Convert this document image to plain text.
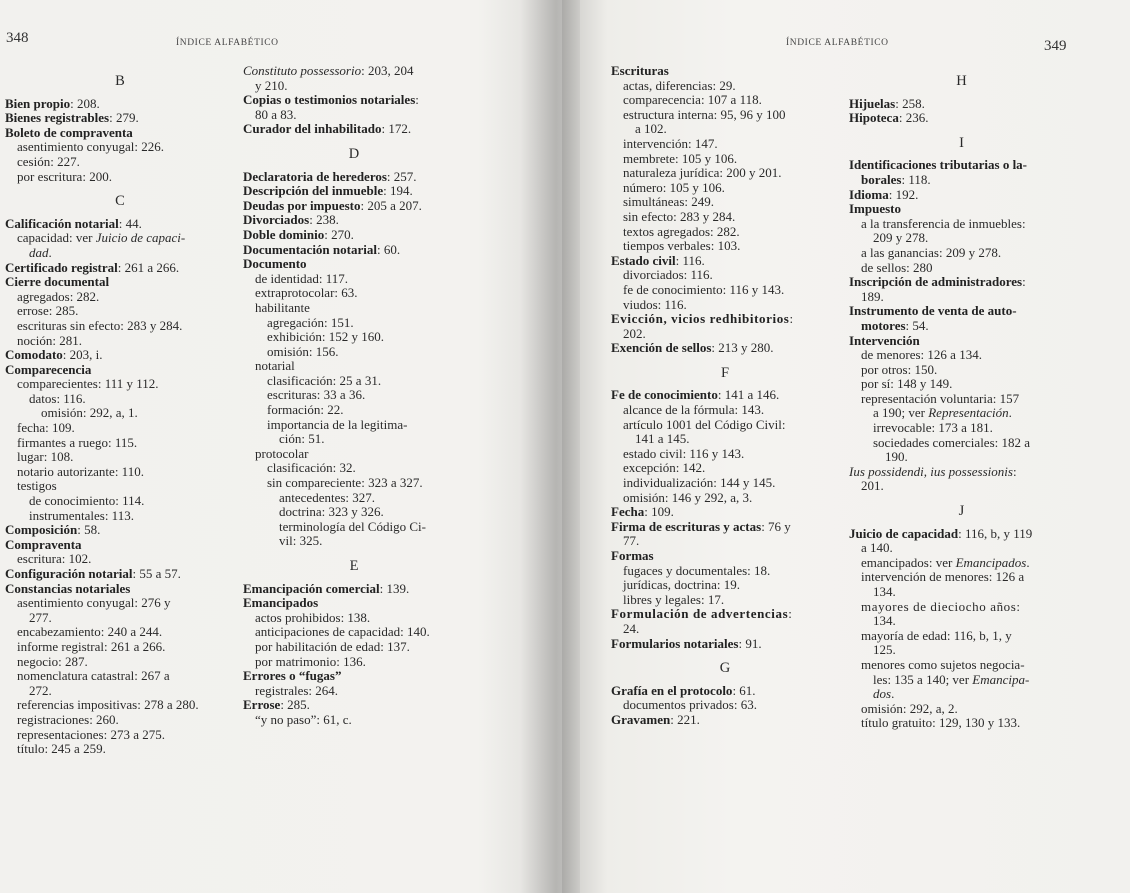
348	ÍNDICE ALFABÉTICO	ÍNDICE ALFABÉTICO	349
B
Bien propio: 208.
Bienes registrables: 279.
Boleto de compraventa
asentimiento conyugal: 226.
cesión: 227.
por escritura: 200.
C
Calificación notarial: 44.
capacidad: ver Juicio de capaci-
dad.
Certificado registral: 261 a 266.
Cierre documental
agregados: 282.
errose: 285.
escrituras sin efecto: 283 y 284.
noción: 281.
Comodato: 203, i.
Comparecencia
comparecientes: 111 y 112.
datos: 116.
omisión: 292, a, 1.
fecha: 109.
firmantes a ruego: 115.
lugar: 108.
notario autorizante: 110.
testigos
de conocimiento: 114.
instrumentales: 113.
Composición: 58.
Compraventa
escritura: 102.
Configuración notarial: 55 a 57.
Constancias notariales
asentimiento conyugal: 276 y
277.
encabezamiento: 240 a 244.
informe registral: 261 a 266.
negocio: 287.
nomenclatura catastral: 267 a
272.
referencias impositivas: 278 a 280.
registraciones: 260.
representaciones: 273 a 275.
título: 245 a 259.
Constituto possessorio: 203, 204
y 210.
Copias o testimonios notariales:
80 a 83.
Curador del inhabilitado: 172.
D
Declaratoria de herederos: 257.
Descripción del inmueble: 194.
Deudas por impuesto: 205 a 207.
Divorciados: 238.
Doble dominio: 270.
Documentación notarial: 60.
Documento
de identidad: 117.
extraprotocolar: 63.
habilitante
agregación: 151.
exhibición: 152 y 160.
omisión: 156.
notarial
clasificación: 25 a 31.
escrituras: 33 a 36.
formación: 22.
importancia de la legitima-
ción: 51.
protocolar
clasificación: 32.
sin compareciente: 323 a 327.
antecedentes: 327.
doctrina: 323 y 326.
terminología del Código Ci-
vil: 325.
E
Emancipación comercial: 139.
Emancipados
actos prohibidos: 138.
anticipaciones de capacidad: 140.
por habilitación de edad: 137.
por matrimonio: 136.
Errores o “fugas”
registrales: 264.
Errose: 285.
“y no paso”: 61, c.
Escrituras
actas, diferencias: 29.
comparecencia: 107 a 118.
estructura interna: 95, 96 y 100
a 102.
intervención: 147.
membrete: 105 y 106.
naturaleza jurídica: 200 y 201.
número: 105 y 106.
simultáneas: 249.
sin efecto: 283 y 284.
textos agregados: 282.
tiempos verbales: 103.
Estado civil: 116.
divorciados: 116.
fe de conocimiento: 116 y 143.
viudos: 116.
Evicción, vicios redhibitorios:
202.
Exención de sellos: 213 y 280.
F
Fe de conocimiento: 141 a 146.
alcance de la fórmula: 143.
artículo 1001 del Código Civil:
141 a 145.
estado civil: 116 y 143.
excepción: 142.
individualización: 144 y 145.
omisión: 146 y 292, a, 3.
Fecha: 109.
Firma de escrituras y actas: 76 y
77.
Formas
fugaces y documentales: 18.
jurídicas, doctrina: 19.
libres y legales: 17.
Formulación de advertencias:
24.
Formularios notariales: 91.
G
Grafía en el protocolo: 61.
documentos privados: 63.
Gravamen: 221.
H
Hijuelas: 258.
Hipoteca: 236.
I
Identificaciones tributarias o la-
borales: 118.
Idioma: 192.
Impuesto
a la transferencia de inmuebles:
209 y 278.
a las ganancias: 209 y 278.
de sellos: 280
Inscripción de administradores:
189.
Instrumento de venta de auto-
motores: 54.
Intervención
de menores: 126 a 134.
por otros: 150.
por sí: 148 y 149.
representación voluntaria: 157
a 190; ver Representación.
irrevocable: 173 a 181.
sociedades comerciales: 182 a
190.
Ius possidendi, ius possessionis:
201.
J
Juicio de capacidad: 116, b, y 119
a 140.
emancipados: ver Emancipados.
intervención de menores: 126 a
134.
mayores de dieciocho años:
134.
mayoría de edad: 116, b, 1, y
125.
menores como sujetos negocia-
les: 135 a 140; ver Emancipa-
dos.
omisión: 292, a, 2.
título gratuito: 129, 130 y 133.
